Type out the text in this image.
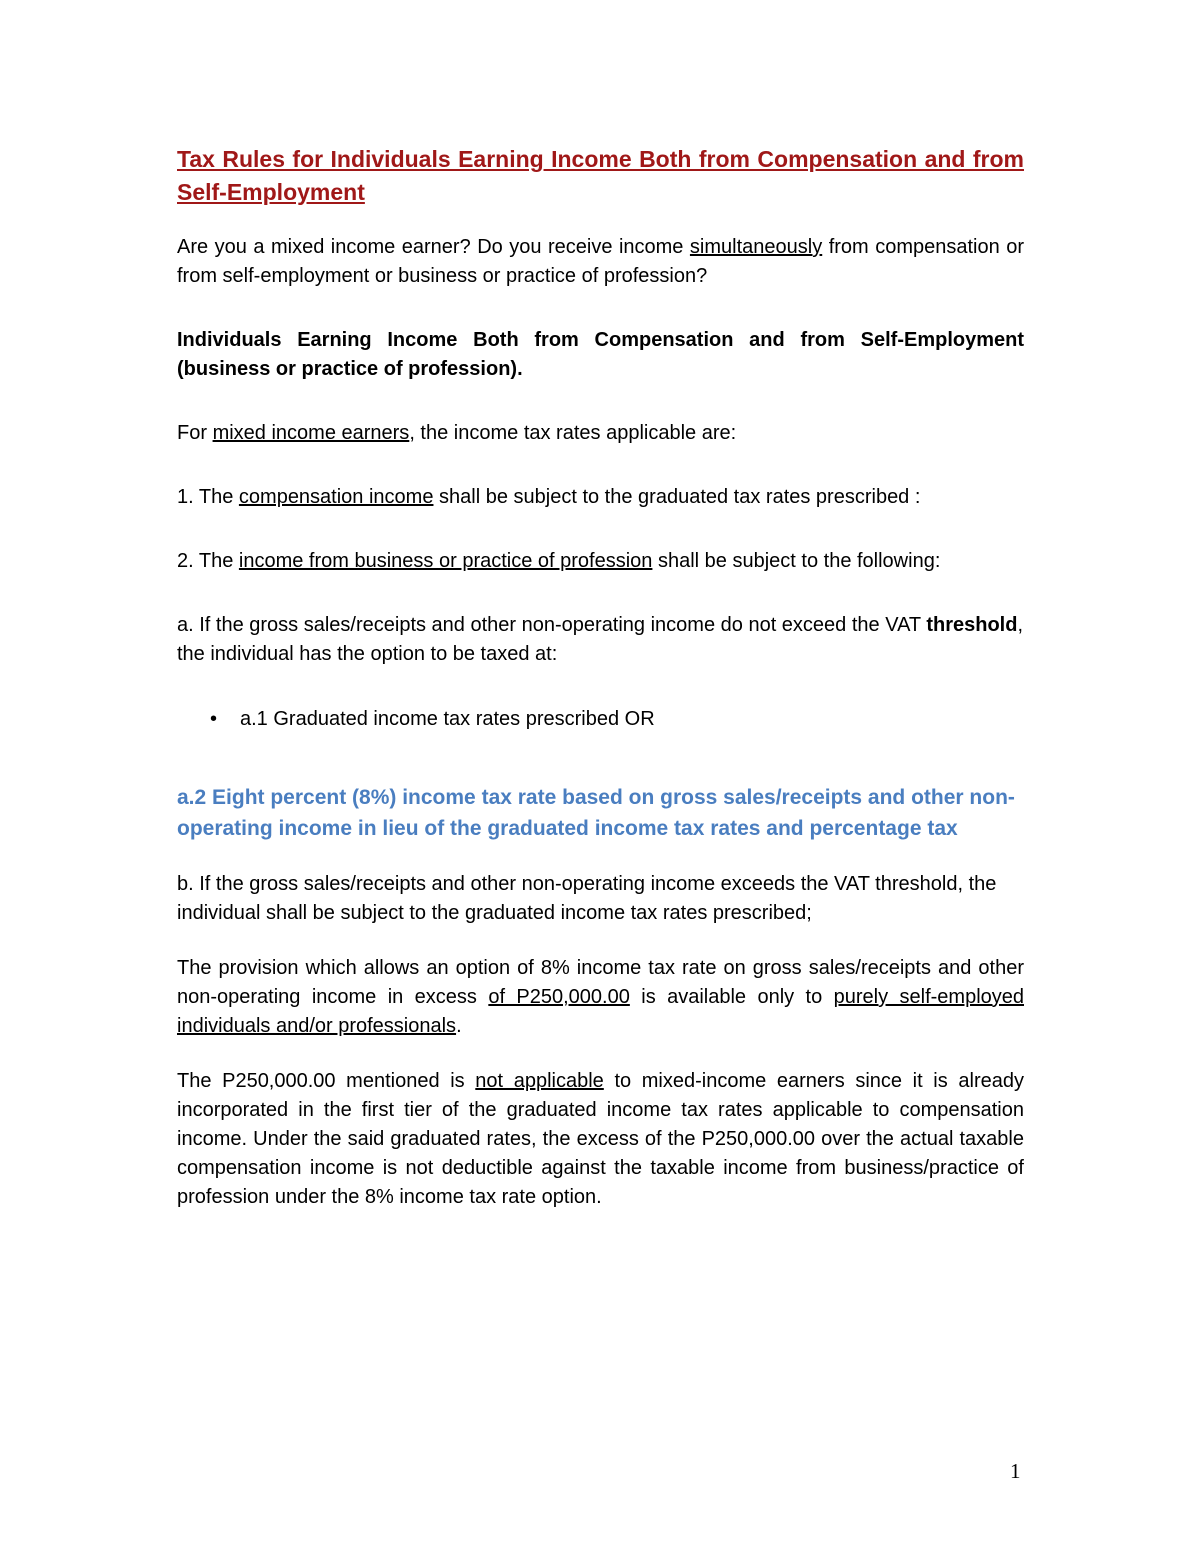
Tax Rules for Individuals Earning Income Both from Compensation and from Self-Employment

Are you a mixed income earner? Do you receive income simultaneously from compensation or from self-employment or business or practice of profession?

Individuals Earning Income Both from Compensation and from Self-Employment (business or practice of profession).

For mixed income earners, the income tax rates applicable are:

1. The compensation income shall be subject to the graduated tax rates prescribed :

2. The income from business or practice of profession shall be subject to the following:

a. If the gross sales/receipts and other non-operating income do not exceed the VAT threshold, the individual has the option to be taxed at:

•	a.1 Graduated income tax rates prescribed OR

a.2 Eight percent (8%) income tax rate based on gross sales/receipts and other non-operating income in lieu of the graduated income tax rates and percentage tax

b. If the gross sales/receipts and other non-operating income exceeds the VAT threshold, the individual shall be subject to the graduated income tax rates prescribed;

The provision which allows an option of 8% income tax rate on gross sales/receipts and other non-operating income in excess of P250,000.00 is available only to purely self-employed individuals and/or professionals.

The P250,000.00 mentioned is not applicable to mixed-income earners since it is already incorporated in the first tier of the graduated income tax rates applicable to compensation income. Under the said graduated rates, the excess of the P250,000.00 over the actual taxable compensation income is not deductible against the taxable income from business/practice of profession under the 8% income tax rate option.

1
